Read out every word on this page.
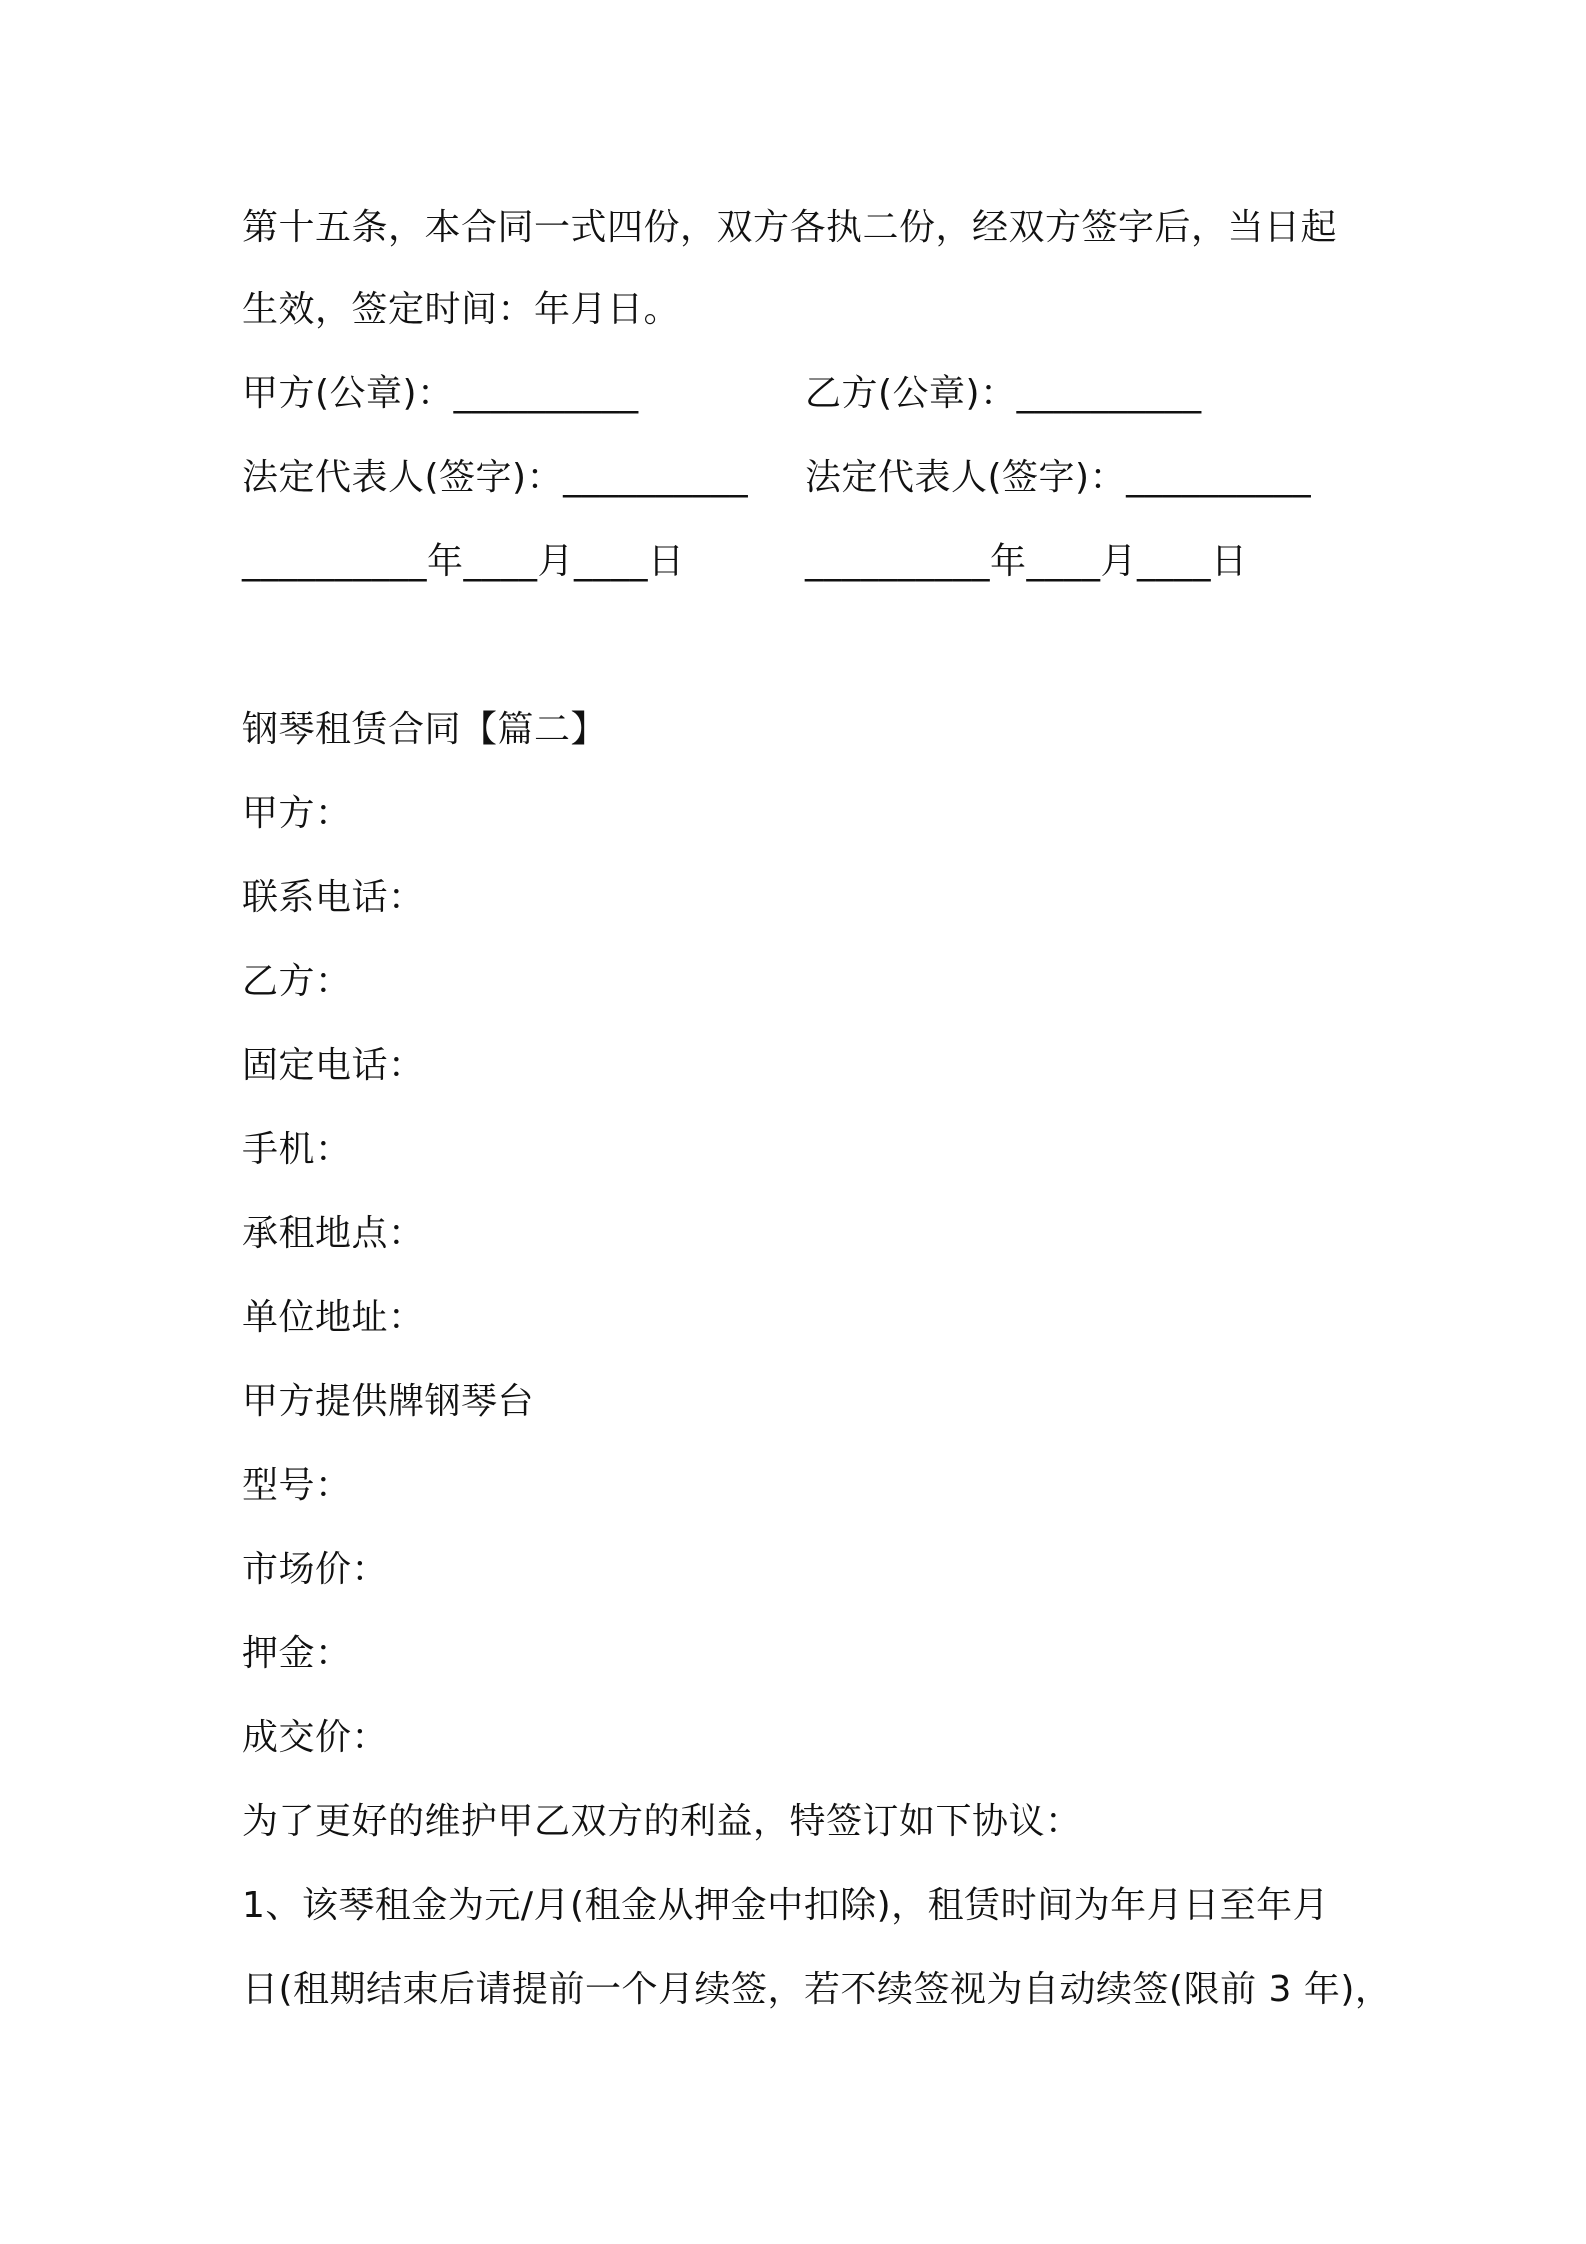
第十五条，本合同一式四份，双方各执二份，经双方签字后，当日起
生效，签定时间：年月日。
甲方(公章)：__________	乙方(公章)：__________
法定代表人(签字)：__________ 法定代表人(签字)：__________
__________年____月____日	__________年____月____日
钢琴租赁合同【篇二】
甲方：
联系电话：
乙方：
固定电话：
手机：
承租地点：
单位地址：
甲方提供牌钢琴台
型号：
市场价：
押金：
成交价：
为了更好的维护甲乙双方的利益，特签订如下协议：
1、该琴租金为元/月(租金从押金中扣除)，租赁时间为年月日至年月
日(租期结束后请提前一个月续签，若不续签视为自动续签(限前 3 年)，
